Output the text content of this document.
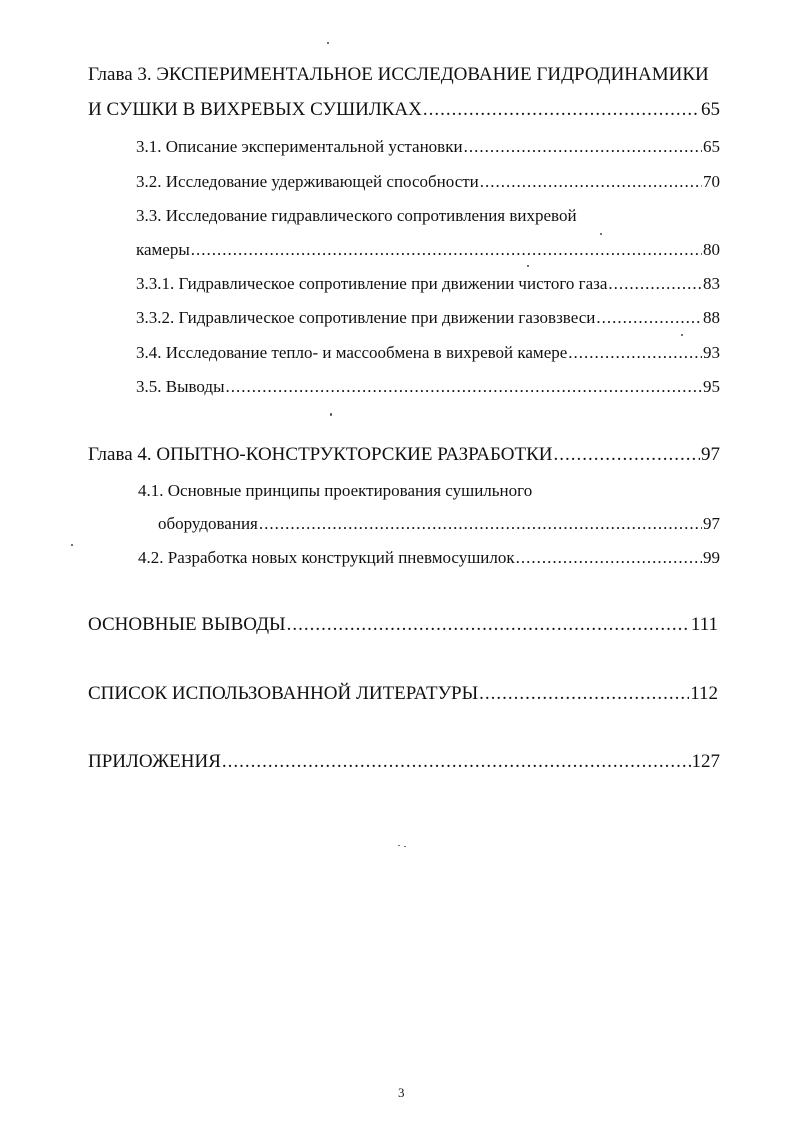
Глава 3. ЭКСПЕРИМЕНТАЛЬНОЕ ИССЛЕДОВАНИЕ ГИДРОДИНАМИКИ
И СУШКИ В ВИХРЕВЫХ СУШИЛКАХ .....	65
3.1. Описание экспериментальной установки .....	65
3.2. Исследование удерживающей способности .....	70
3.3. Исследование гидравлического сопротивления вихревой
камеры .....	80
3.3.1. Гидравлическое сопротивление при движении чистого газа .....	83
3.3.2. Гидравлическое сопротивление при движении газовзвеси .....	88
3.4. Исследование тепло- и массообмена в вихревой камере .....	93
3.5. Выводы .....	95
Глава 4. ОПЫТНО-КОНСТРУКТОРСКИЕ РАЗРАБОТКИ .....	97
4.1. Основные принципы проектирования сушильного
оборудования .....	97
4.2. Разработка новых конструкций пневмосушилок .....	99
ОСНОВНЫЕ ВЫВОДЫ .....	111
СПИСОК ИСПОЛЬЗОВАННОЙ ЛИТЕРАТУРЫ .....	112
ПРИЛОЖЕНИЯ .....	127
3
